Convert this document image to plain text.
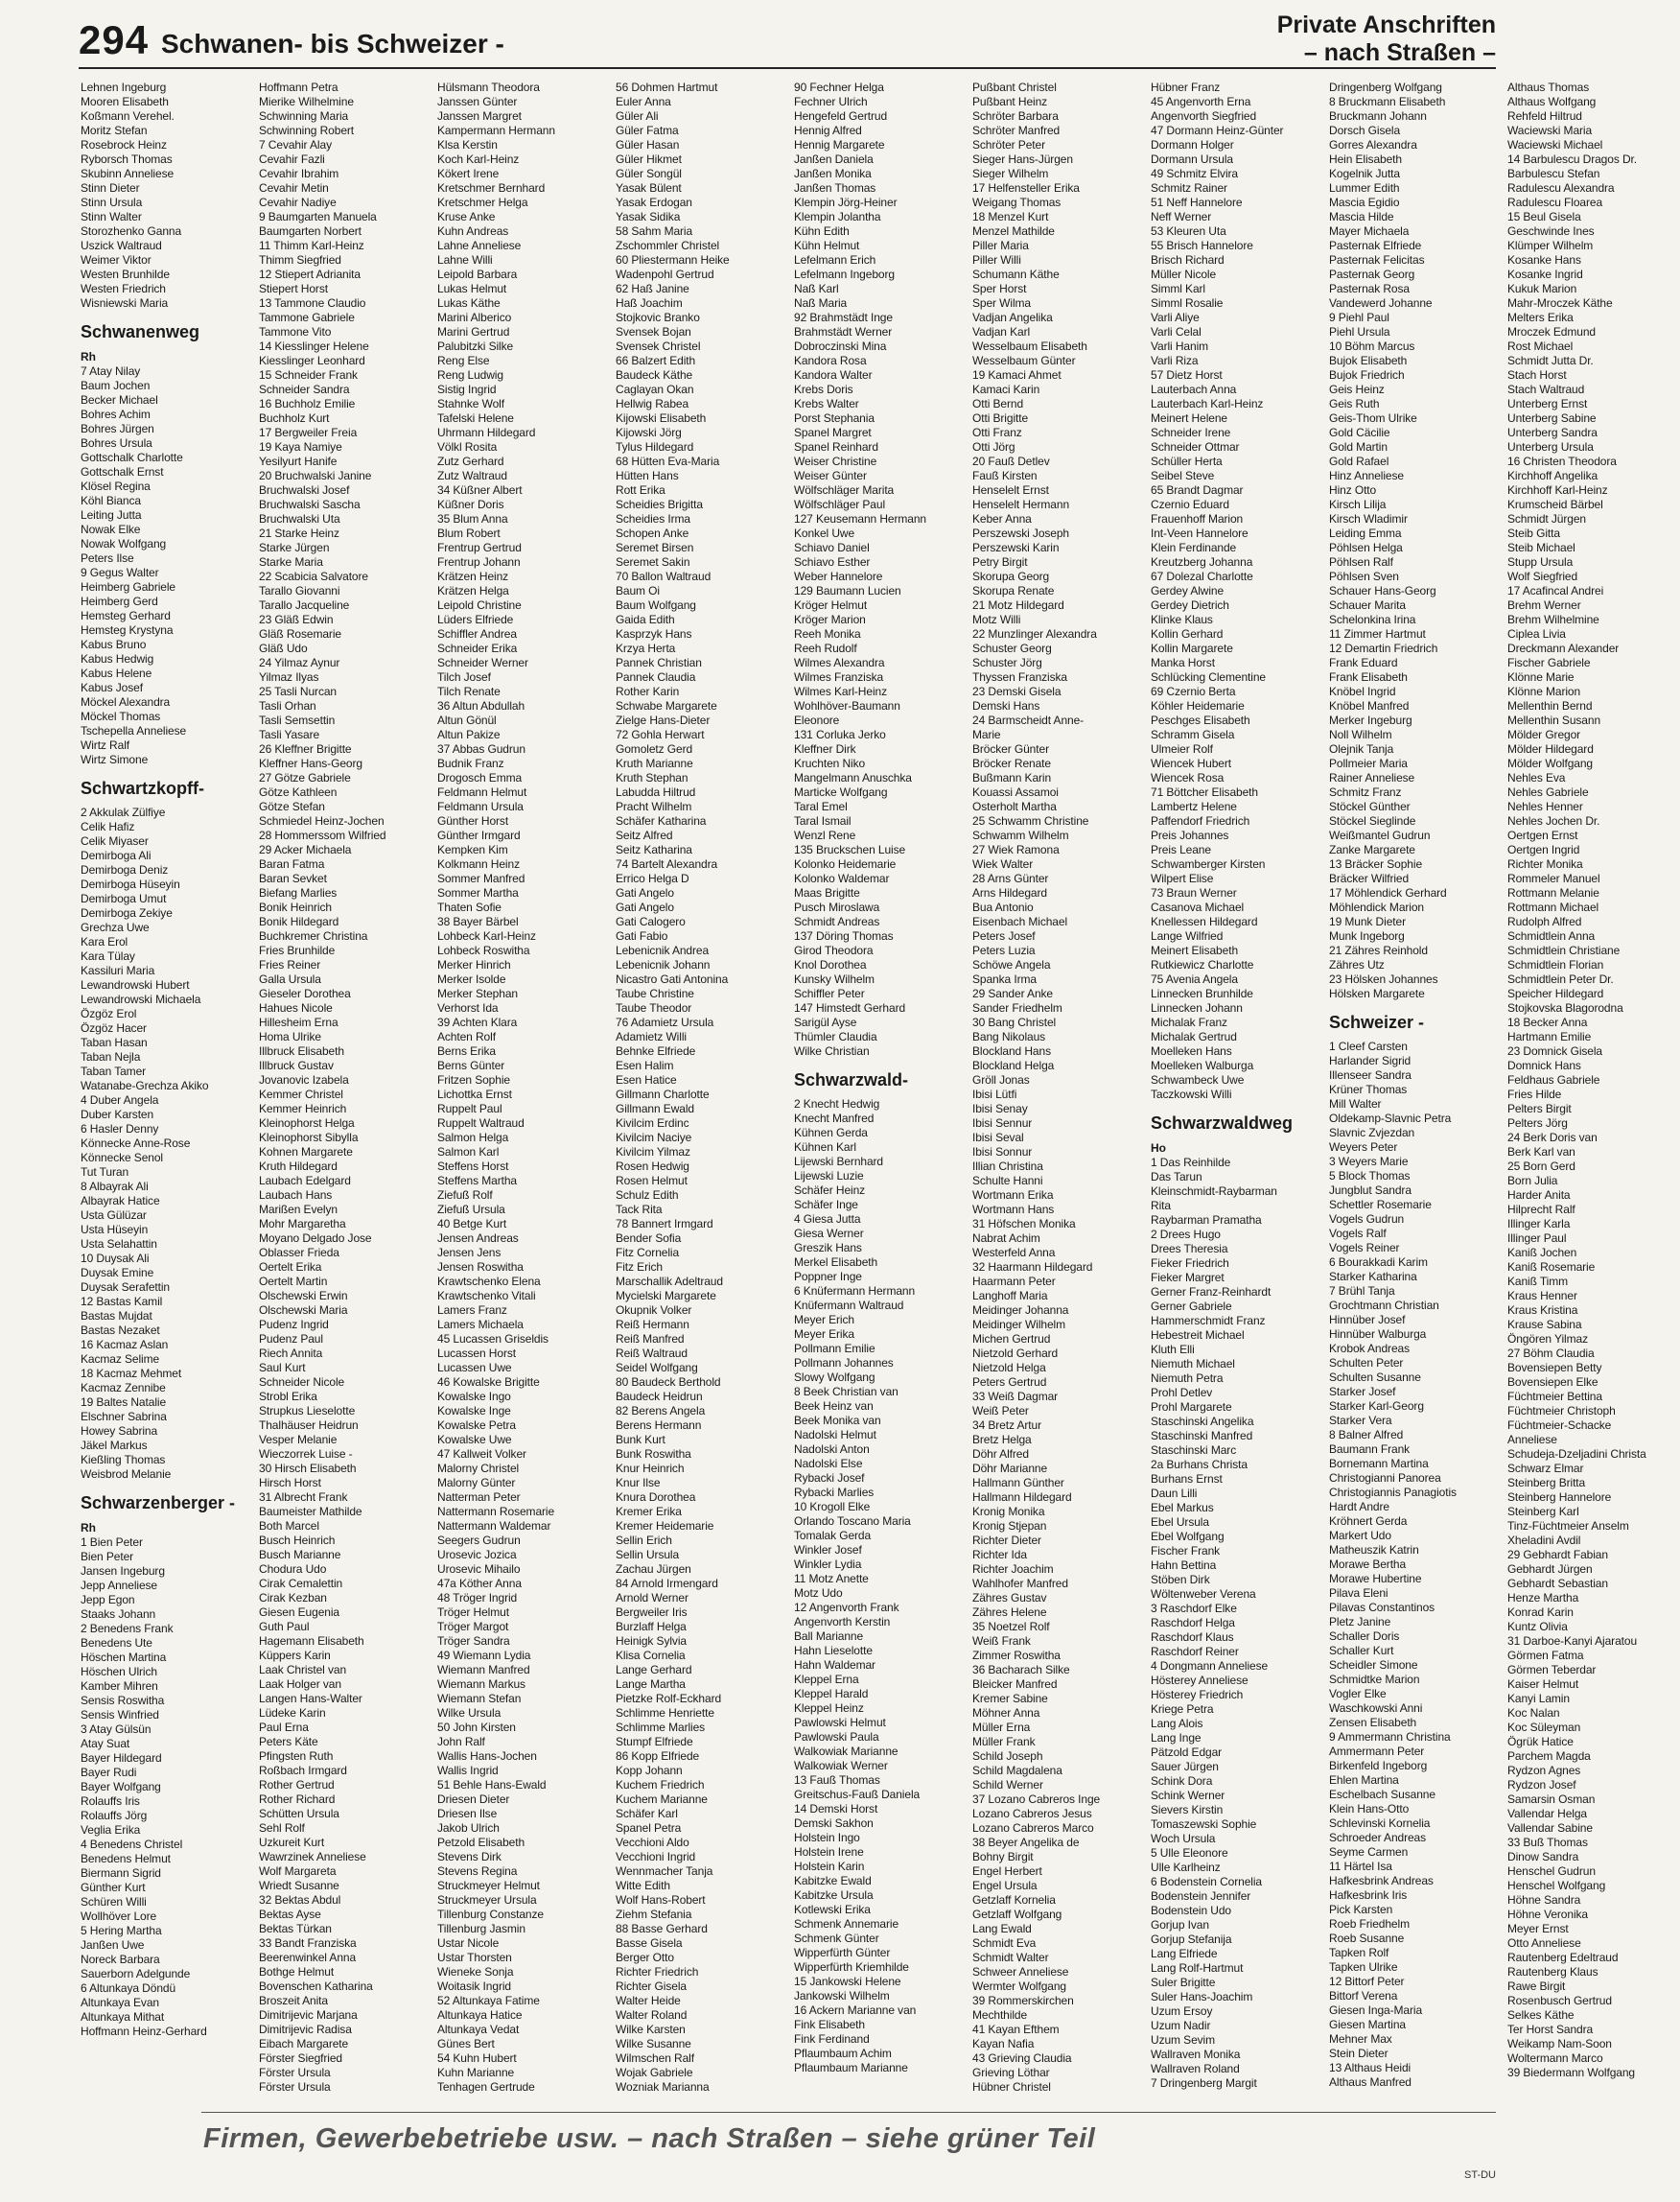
294 Schwanen- bis Schweizer -
Private Anschriften
– nach Straßen –
Lehnen Ingeburg
Mooren Elisabeth
Koßmann Verehel.
Moritz Stefan
Rosebrock Heinz
Ryborsch Thomas
Skubinn Anneliese
Stinn Dieter
Stinn Ursula
Stinn Walter
Storozhenko Ganna
Uszick Waltraud
Weimer Viktor
Westen Brunhilde
Westen Friedrich
Wisniewski Maria
Schwanenweg
Rh
7 Atay Nilay
Baum Jochen
Becker Michael
Bohres Achim
Bohres Jürgen
Bohres Ursula
Gottschalk Charlotte
Gottschalk Ernst
Klösel Regina
Köhl Bianca
Leiting Jutta
Nowak Elke
Nowak Wolfgang
Peters Ilse
9 Gegus Walter
Heimberg Gabriele
Heimberg Gerd
Hemsteg Gerhard
Hemsteg Krystyna
Kabus Bruno
Kabus Hedwig
Kabus Helene
Kabus Josef
Möckel Alexandra
Möckel Thomas
Tschepella Anneliese
Wirtz Ralf
Wirtz Simone
Schwartzkopff-
2 Akkulak Zülfiye
Celik Hafiz
Celik Miyaser
Demirboga Ali
Demirboga Deniz
Demirboga Hüseyin
Demirboga Umut
Demirboga Zekiye
Grechza Uwe
Kara Erol
Kara Tülay
Kassiluri Maria
Lewandrowski Hubert
Lewandrowski Michaela
Özgöz Erol
Özgöz Hacer
Taban Hasan
Taban Nejla
Taban Tamer
Watanabe-Grechza Akiko
4 Duber Angela
Duber Karsten
6 Hasler Denny
Könnecke Anne-Rose
Könnecke Senol
Tut Turan
8 Albayrak Ali
Albayrak Hatice
Usta Gülüzar
Usta Hüseyin
Usta Selahattin
10 Duysak Ali
Duysak Emine
Duysak Serafettin
12 Bastas Kamil
Bastas Mujdat
Bastas Nezaket
16 Kacmaz Aslan
Kacmaz Selime
18 Kacmaz Mehmet
Kacmaz Zennibe
19 Baltes Natalie
Elschner Sabrina
Howey Sabrina
Jäkel Markus
Kießling Thomas
Weisbrod Melanie
Schwarzenberger -
Rh
1 Bien Peter
Bien Peter
Jansen Ingeburg
Jepp Anneliese
Jepp Egon
Staaks Johann
2 Benedens Frank
Benedens Ute
Höschen Martina
Höschen Ulrich
Kamber Mihren
Sensis Roswitha
Sensis Winfried
3 Atay Gülsün
Atay Suat
Bayer Hildegard
Bayer Rudi
Bayer Wolfgang
Rolauffs Iris
Rolauffs Jörg
Veglia Erika
4 Benedens Christel
Benedens Helmut
Biermann Sigrid
Günther Kurt
Schüren Willi
Wollhöver Lore
5 Hering Martha
Janßen Uwe
Noreck Barbara
Sauerborn Adelgunde
6 Altunkaya Döndü
Altunkaya Evan
Altunkaya Mithat
Hoffmann Heinz-Gerhard
Hoffmann Petra
Mierike Wilhelmine
Schwinning Maria
Schwinning Robert
7 Cevahir Alay
Cevahir Fazli
Cevahir Ibrahim
Cevahir Metin
Cevahir Nadiye
9 Baumgarten Manuela
Baumgarten Norbert
11 Thimm Karl-Heinz
Thimm Siegfried
12 Stiepert Adrianita
Stiepert Horst
13 Tammone Claudio
Tammone Gabriele
Tammone Vito
14 Kiesslinger Helene
Kiesslinger Leonhard
15 Schneider Frank
Schneider Sandra
16 Buchholz Emilie
Buchholz Kurt
17 Bergweiler Freia
19 Kaya Namiye
Yesilyurt Hanife
20 Bruchwalski Janine
Bruchwalski Josef
Bruchwalski Sascha
Bruchwalski Uta
21 Starke Heinz
Starke Jürgen
Starke Maria
22 Scabicia Salvatore
Tarallo Giovanni
Tarallo Jacqueline
23 Gläß Edwin
Gläß Rosemarie
Gläß Udo
24 Yilmaz Aynur
Yilmaz Ilyas
25 Tasli Nurcan
Tasli Orhan
Tasli Semsettin
Tasli Yasare
26 Kleffner Brigitte
Kleffner Hans-Georg
27 Götze Gabriele
Götze Kathleen
Götze Stefan
Schmiedel Heinz-Jochen
28 Hommerssom Wilfried
29 Acker Michaela
Baran Fatma
Baran Sevket
Biefang Marlies
Bonik Heinrich
Bonik Hildegard
Buchkremer Christina
Fries Brunhilde
Fries Reiner
Galla Ursula
Gieseler Dorothea
Hahues Nicole
Hillesheim Erna
Homa Ulrike
Illbruck Elisabeth
Illbruck Gustav
Jovanovic Izabela
Kemmer Christel
Kemmer Heinrich
Kleinophorst Helga
Kleinophorst Sibylla
Kohnen Margarete
Kruth Hildegard
Laubach Edelgard
Laubach Hans
Marißen Evelyn
Mohr Margaretha
Moyano Delgado Jose
Oblasser Frieda
Oertelt Erika
Oertelt Martin
Olschewski Erwin
Olschewski Maria
Pudenz Ingrid
Pudenz Paul
Riech Annita
Saul Kurt
Schneider Nicole
Strobl Erika
Strupkus Lieselotte
Thalhäuser Heidrun
Vesper Melanie
Wieczorrek Luise -
30 Hirsch Elisabeth
Hirsch Horst
31 Albrecht Frank
Baumeister Mathilde
Both Marcel
Busch Heinrich
Busch Marianne
Chodura Udo
Cirak Cemalettin
Cirak Kezban
Giesen Eugenia
Guth Paul
Hagemann Elisabeth
Küppers Karin
Laak Christel van
Laak Holger van
Langen Hans-Walter
Lüdeke Karin
Paul Erna
Peters Käte
Pfingsten Ruth
Roßbach Irmgard
Rother Gertrud
Rother Richard
Schütten Ursula
Sehl Rolf
Uzkureit Kurt
Wawrzinek Anneliese
Wolf Margareta
Wriedt Susanne
32 Bektas Abdul
Bektas Ayse
Bektas Türkan
33 Bandt Franziska
Beerenwinkel Anna
Bothge Helmut
Bovenschen Katharina
Broszeit Anita
Dimitrijevic Marjana
Dimitrijevic Radisa
Eibach Margarete
Förster Siegfried
Förster Ursula
Förster Ursula
Hülsmann Theodora
Janssen Günter
Janssen Margret
Kampermann Hermann
Klsa Kerstin
Koch Karl-Heinz
Kökert Irene
Kretschmer Bernhard
Kretschmer Helga
Kruse Anke
Kuhn Andreas
Lahne Anneliese
Lahne Willi
Leipold Barbara
Lukas Helmut
Lukas Käthe
Marini Alberico
Marini Gertrud
Palubitzki Silke
Reng Else
Reng Ludwig
Sistig Ingrid
Stahnke Wolf
Tafelski Helene
Uhrmann Hildegard
Völkl Rosita
Zutz Gerhard
Zutz Waltraud
34 Küßner Albert
Küßner Doris
35 Blum Anna
Blum Robert
Frentrup Gertrud
Frentrup Johann
Krätzen Heinz
Krätzen Helga
Leipold Christine
Lüders Elfriede
Schiffler Andrea
Schneider Erika
Schneider Werner
Tilch Josef
Tilch Renate
36 Altun Abdullah
Altun Gönül
Altun Pakize
37 Abbas Gudrun
Budnik Franz
Drogosch Emma
Feldmann Helmut
Feldmann Ursula
Günther Horst
Günther Irmgard
Kempken Kim
Kolkmann Heinz
Sommer Manfred
Sommer Martha
Thaten Sofie
38 Bayer Bärbel
Lohbeck Karl-Heinz
Lohbeck Roswitha
Merker Hinrich
Merker Isolde
Merker Stephan
Verhorst Ida
39 Achten Klara
Achten Rolf
Berns Erika
Berns Günter
Fritzen Sophie
Lichottka Ernst
Ruppelt Paul
Ruppelt Waltraud
Salmon Helga
Salmon Karl
Steffens Horst
Steffens Martha
Ziefuß Rolf
Ziefuß Ursula
40 Betge Kurt
Jensen Andreas
Jensen Jens
Jensen Roswitha
Krawtschenko Elena
Krawtschenko Vitali
Lamers Franz
Lamers Michaela
45 Lucassen Griseldis
Lucassen Horst
Lucassen Uwe
46 Kowalske Brigitte
Kowalske Ingo
Kowalske Inge
Kowalske Petra
Kowalske Uwe
47 Kallweit Volker
Malorny Christel
Malorny Günter
Natterman Peter
Nattermann Rosemarie
Nattermann Waldemar
Seegers Gudrun
Urosevic Jozica
Urosevic Mihailo
47a Köther Anna
48 Tröger Ingrid
Tröger Helmut
Tröger Margot
Tröger Sandra
49 Wiemann Lydia
Wiemann Manfred
Wiemann Markus
Wiemann Stefan
Wilke Ursula
50 John Kirsten
John Ralf
Wallis Hans-Jochen
Wallis Ingrid
51 Behle Hans-Ewald
Driesen Dieter
Driesen Ilse
Jakob Ulrich
Petzold Elisabeth
Stevens Dirk
Stevens Regina
Struckmeyer Helmut
Struckmeyer Ursula
Tillenburg Constanze
Tillenburg Jasmin
Ustar Nicole
Ustar Thorsten
Wieneke Sonja
Woitasik Ingrid
52 Altunkaya Fatime
Altunkaya Hatice
Altunkaya Vedat
Günes Bert
54 Kuhn Hubert
Kuhn Marianne
Tenhagen Gertrude
56 Dohmen Hartmut
Euler Anna
Güler Ali
Güler Fatma
Güler Hasan
Güler Hikmet
Güler Songül
Yasak Bülent
Yasak Erdogan
Yasak Sidika
58 Sahm Maria
Zschommler Christel
60 Pliestermann Heike
Wadenpohl Gertrud
62 Haß Janine
Haß Joachim
Stojkovic Branko
Svensek Bojan
Svensek Christel
66 Balzert Edith
Baudeck Käthe
Caglayan Okan
Hellwig Rabea
Kijowski Elisabeth
Kijowski Jörg
Tylus Hildegard
68 Hütten Eva-Maria
Hütten Hans
Rott Erika
Scheidies Brigitta
Scheidies Irma
Schopen Anke
Seremet Birsen
Seremet Sakin
70 Ballon Waltraud
Baum Oi
Baum Wolfgang
Gaida Edith
Kasprzyk Hans
Krzya Herta
Pannek Christian
Pannek Claudia
Rother Karin
Schwabe Margarete
Zielge Hans-Dieter
72 Gohla Herwart
Gomoletz Gerd
Kruth Marianne
Kruth Stephan
Labudda Hiltrud
Pracht Wilhelm
Schäfer Katharina
Seitz Alfred
Seitz Katharina
74 Bartelt Alexandra
Errico Helga D
Gati Angelo
Gati Angelo
Gati Calogero
Gati Fabio
Lebenicnik Andrea
Lebenicnik Johann
Nicastro Gati Antonina
Taube Christine
Taube Theodor
76 Adamietz Ursula
Adamietz Willi
Behnke Elfriede
Esen Halim
Esen Hatice
Gillmann Charlotte
Gillmann Ewald
Kivilcim Erdinc
Kivilcim Naciye
Kivilcim Yilmaz
Rosen Hedwig
Rosen Helmut
Schulz Edith
Tack Rita
78 Bannert Irmgard
Bender Sofia
Fitz Cornelia
Fitz Erich
Marschallik Adeltraud
Mycielski Margarete
Okupnik Volker
Reiß Hermann
Reiß Manfred
Reiß Waltraud
Seidel Wolfgang
80 Baudeck Berthold
Baudeck Heidrun
82 Berens Angela
Berens Hermann
Bunk Kurt
Bunk Roswitha
Knur Heinrich
Knur Ilse
Knura Dorothea
Kremer Erika
Kremer Heidemarie
Sellin Erich
Sellin Ursula
Zachau Jürgen
84 Arnold Irmengard
Arnold Werner
Bergweiler Iris
Burzlaff Helga
Heinigk Sylvia
Klisa Cornelia
Lange Gerhard
Lange Martha
Pietzke Rolf-Eckhard
Schlimme Henriette
Schlimme Marlies
Stumpf Elfriede
86 Kopp Elfriede
Kopp Johann
Kuchem Friedrich
Kuchem Marianne
Schäfer Karl
Spanel Petra
Vecchioni Aldo
Vecchioni Ingrid
Wennmacher Tanja
Witte Edith
Wolf Hans-Robert
Ziehm Stefania
88 Basse Gerhard
Basse Gisela
Berger Otto
Richter Friedrich
Richter Gisela
Walter Heide
Walter Roland
Wilke Karsten
Wilke Susanne
Wilmschen Ralf
Wojak Gabriele
Wozniak Marianna
90 Fechner Helga
Fechner Ulrich
Hengefeld Gertrud
Hennig Alfred
Hennig Margarete
Janßen Daniela
Janßen Monika
Janßen Thomas
Klempin Jörg-Heiner
Klempin Jolantha
Kühn Edith
Kühn Helmut
Lefelmann Erich
Lefelmann Ingeborg
Naß Karl
Naß Maria
92 Brahmstädt Inge
Brahmstädt Werner
Dobroczinski Mina
Kandora Rosa
Kandora Walter
Krebs Doris
Krebs Walter
Porst Stephania
Spanel Margret
Spanel Reinhard
Weiser Christine
Weiser Günter
Wölfschläger Marita
Wölfschläger Paul
127 Keusemann Hermann
Konkel Uwe
Schiavo Daniel
Schiavo Esther
Weber Hannelore
129 Baumann Lucien
Kröger Helmut
Kröger Marion
Reeh Monika
Reeh Rudolf
Wilmes Alexandra
Wilmes Franziska
Wilmes Karl-Heinz
Wohlhöver-Baumann
Eleonore
131 Corluka Jerko
Kleffner Dirk
Kruchten Niko
Mangelmann Anuschka
Marticke Wolfgang
Taral Emel
Taral Ismail
Wenzl Rene
135 Bruckschen Luise
Kolonko Heidemarie
Kolonko Waldemar
Maas Brigitte
Pusch Miroslawa
Schmidt Andreas
137 Döring Thomas
Girod Theodora
Knol Dorothea
Kunsky Wilhelm
Schiffler Peter
147 Himstedt Gerhard
Sarigül Ayse
Thümler Claudia
Wilke Christian
Schwarzwald-
2 Knecht Hedwig
Knecht Manfred
Kühnen Gerda
Kühnen Karl
Lijewski Bernhard
Lijewski Luzie
Schäfer Heinz
Schäfer Inge
4 Giesa Jutta
Giesa Werner
Greszik Hans
Merkel Elisabeth
Poppner Inge
6 Knüfermann Hermann
Knüfermann Waltraud
Meyer Erich
Meyer Erika
Pollmann Emilie
Pollmann Johannes
Slowy Wolfgang
8 Beek Christian van
Beek Heinz van
Beek Monika van
Nadolski Helmut
Nadolski Anton
Nadolski Else
Rybacki Josef
Rybacki Marlies
10 Krogoll Elke
Orlando Toscano Maria
Tomalak Gerda
Winkler Josef
Winkler Lydia
11 Motz Anette
Motz Udo
12 Angenvorth Frank
Angenvorth Kerstin
Ball Marianne
Hahn Lieselotte
Hahn Waldemar
Kleppel Erna
Kleppel Harald
Kleppel Heinz
Pawlowski Helmut
Pawlowski Paula
Walkowiak Marianne
Walkowiak Werner
13 Fauß Thomas
Greitschus-Fauß Daniela
14 Demski Horst
Demski Sakhon
Holstein Ingo
Holstein Irene
Holstein Karin
Kabitzke Ewald
Kabitzke Ursula
Kotlewski Erika
Schmenk Annemarie
Schmenk Günter
Wipperfürth Günter
Wipperfürth Kriemhilde
15 Jankowski Helene
Jankowski Wilhelm
16 Ackern Marianne van
Fink Elisabeth
Fink Ferdinand
Pflaumbaum Achim
Pflaumbaum Marianne
Pußbant Christel
Pußbant Heinz
Schröter Barbara
Schröter Manfred
Schröter Peter
Sieger Hans-Jürgen
Sieger Wilhelm
17 Helfensteller Erika
Weigang Thomas
18 Menzel Kurt
Menzel Mathilde
Piller Maria
Piller Willi
Schumann Käthe
Sper Horst
Sper Wilma
Vadjan Angelika
Vadjan Karl
Wesselbaum Elisabeth
Wesselbaum Günter
19 Kamaci Ahmet
Kamaci Karin
Otti Bernd
Otti Brigitte
Otti Franz
Otti Jörg
20 Fauß Detlev
Fauß Kirsten
Henselelt Ernst
Henselelt Hermann
Keber Anna
Perszewski Joseph
Perszewski Karin
Petry Birgit
Skorupa Georg
Skorupa Renate
21 Motz Hildegard
Motz Willi
22 Munzlinger Alexandra
Schuster Georg
Schuster Jörg
Thyssen Franziska
23 Demski Gisela
Demski Hans
24 Barmscheidt Anne-
Marie
Bröcker Günter
Bröcker Renate
Bußmann Karin
Kouassi Assamoi
Osterholt Martha
25 Schwamm Christine
Schwamm Wilhelm
27 Wiek Ramona
Wiek Walter
28 Arns Günter
Arns Hildegard
Bua Antonio
Eisenbach Michael
Peters Josef
Peters Luzia
Schöwe Angela
Spanka Irma
29 Sander Anke
Sander Friedhelm
30 Bang Christel
Bang Nikolaus
Blockland Hans
Blockland Helga
Gröll Jonas
Ibisi Lütfi
Ibisi Senay
Ibisi Sennur
Ibisi Seval
Ibisi Sonnur
Illian Christina
Schulte Hanni
Wortmann Erika
Wortmann Hans
31 Höfschen Monika
Nabrat Achim
Westerfeld Anna
32 Haarmann Hildegard
Haarmann Peter
Langhoff Maria
Meidinger Johanna
Meidinger Wilhelm
Michen Gertrud
Nietzold Gerhard
Nietzold Helga
Peters Gertrud
33 Weiß Dagmar
Weiß Peter
34 Bretz Artur
Bretz Helga
Döhr Alfred
Döhr Marianne
Hallmann Günther
Hallmann Hildegard
Kronig Monika
Kronig Stjepan
Richter Dieter
Richter Ida
Richter Joachim
Wahlhofer Manfred
Zähres Gustav
Zähres Helene
35 Noetzel Rolf
Weiß Frank
Zimmer Roswitha
36 Bacharach Silke
Bleicker Manfred
Kremer Sabine
Möhner Anna
Müller Erna
Müller Frank
Schild Joseph
Schild Magdalena
Schild Werner
37 Lozano Cabreros Inge
Lozano Cabreros Jesus
Lozano Cabreros Marco
38 Beyer Angelika de
Bohny Birgit
Engel Herbert
Engel Ursula
Getzlaff Kornelia
Getzlaff Wolfgang
Lang Ewald
Schmidt Eva
Schmidt Walter
Schweer Anneliese
Wermter Wolfgang
39 Rommerskirchen
Mechthilde
41 Kayan Efthem
Kayan Nafia
43 Grieving Claudia
Grieving Löthar
Hübner Christel
Hübner Franz
45 Angenvorth Erna
Angenvorth Siegfried
47 Dormann Heinz-Günter
Dormann Holger
Dormann Ursula
49 Schmitz Elvira
Schmitz Rainer
51 Neff Hannelore
Neff Werner
53 Kleuren Uta
55 Brisch Hannelore
Brisch Richard
Müller Nicole
Simml Karl
Simml Rosalie
Varli Aliye
Varli Celal
Varli Hanim
Varli Riza
57 Dietz Horst
Lauterbach Anna
Lauterbach Karl-Heinz
Meinert Helene
Schneider Irene
Schneider Ottmar
Schüller Herta
Seibel Steve
65 Brandt Dagmar
Czernio Eduard
Frauenhoff Marion
Int-Veen Hannelore
Klein Ferdinande
Kreutzberg Johanna
67 Dolezal Charlotte
Gerdey Alwine
Gerdey Dietrich
Klinke Klaus
Kollin Gerhard
Kollin Margarete
Manka Horst
Schlücking Clementine
69 Czernio Berta
Köhler Heidemarie
Peschges Elisabeth
Schramm Gisela
Ulmeier Rolf
Wiencek Hubert
Wiencek Rosa
71 Böttcher Elisabeth
Lambertz Helene
Paffendorf Friedrich
Preis Johannes
Preis Leane
Schwamberger Kirsten
Wilpert Elise
73 Braun Werner
Casanova Michael
Knellessen Hildegard
Lange Wilfried
Meinert Elisabeth
Rutkiewicz Charlotte
75 Avenia Angela
Linnecken Brunhilde
Linnecken Johann
Michalak Franz
Michalak Gertrud
Moelleken Hans
Moelleken Walburga
Schwambeck Uwe
Taczkowski Willi
Schwarzwaldweg
Ho
1 Das Reinhilde
Das Tarun
Kleinschmidt-Raybarman
Rita
Raybarman Pramatha
2 Drees Hugo
Drees Theresia
Fieker Friedrich
Fieker Margret
Gerner Franz-Reinhardt
Gerner Gabriele
Hammerschmidt Franz
Hebestreit Michael
Kluth Elli
Niemuth Michael
Niemuth Petra
Prohl Detlev
Prohl Margarete
Staschinski Angelika
Staschinski Manfred
Staschinski Marc
2a Burhans Christa
Burhans Ernst
Daun Lilli
Ebel Markus
Ebel Ursula
Ebel Wolfgang
Fischer Frank
Hahn Bettina
Stöben Dirk
Wöltenweber Verena
3 Raschdorf Elke
Raschdorf Helga
Raschdorf Klaus
Raschdorf Reiner
4 Dongmann Anneliese
Hösterey Anneliese
Hösterey Friedrich
Kriege Petra
Lang Alois
Lang Inge
Pätzold Edgar
Sauer Jürgen
Schink Dora
Schink Werner
Sievers Kirstin
Tomaszewski Sophie
Woch Ursula
5 Ulle Eleonore
Ulle Karlheinz
6 Bodenstein Cornelia
Bodenstein Jennifer
Bodenstein Udo
Gorjup Ivan
Gorjup Stefanija
Lang Elfriede
Lang Rolf-Hartmut
Suler Brigitte
Suler Hans-Joachim
Uzum Ersoy
Uzum Nadir
Uzum Sevim
Wallraven Monika
Wallraven Roland
7 Dringenberg Margit
Dringenberg Wolfgang
8 Bruckmann Elisabeth
Bruckmann Johann
Dorsch Gisela
Gorres Alexandra
Hein Elisabeth
Kogelnik Jutta
Lummer Edith
Mascia Egidio
Mascia Hilde
Mayer Michaela
Pasternak Elfriede
Pasternak Felicitas
Pasternak Georg
Pasternak Rosa
Vandewerd Johanne
9 Piehl Paul
Piehl Ursula
10 Böhm Marcus
Bujok Elisabeth
Bujok Friedrich
Geis Heinz
Geis Ruth
Geis-Thom Ulrike
Gold Cäcilie
Gold Martin
Gold Rafael
Hinz Anneliese
Hinz Otto
Kirsch Lilija
Kirsch Wladimir
Leiding Emma
Pöhlsen Helga
Pöhlsen Ralf
Pöhlsen Sven
Schauer Hans-Georg
Schauer Marita
Schelonkina Irina
11 Zimmer Hartmut
12 Demartin Friedrich
Frank Eduard
Frank Elisabeth
Knöbel Ingrid
Knöbel Manfred
Merker Ingeburg
Noll Wilhelm
Olejnik Tanja
Pollmeier Maria
Rainer Anneliese
Schmitz Franz
Stöckel Günther
Stöckel Sieglinde
Weißmantel Gudrun
Zanke Margarete
13 Bräcker Sophie
Bräcker Wilfried
17 Möhlendick Gerhard
Möhlendick Marion
19 Munk Dieter
Munk Ingeborg
21 Zähres Reinhold
Zähres Utz
23 Hölsken Johannes
Hölsken Margarete
Schweizer -
1 Cleef Carsten
Harlander Sigrid
Illenseer Sandra
Krüner Thomas
Mill Walter
Oldekamp-Slavnic Petra
Slavnic Zvjezdan
Weyers Peter
3 Weyers Marie
5 Block Thomas
Jungblut Sandra
Schettler Rosemarie
Vogels Gudrun
Vogels Ralf
Vogels Reiner
6 Bourakkadi Karim
Starker Katharina
7 Brühl Tanja
Grochtmann Christian
Hinnüber Josef
Hinnüber Walburga
Krobok Andreas
Schulten Peter
Schulten Susanne
Starker Josef
Starker Karl-Georg
Starker Vera
8 Balner Alfred
Baumann Frank
Bornemann Martina
Christogianni Panorea
Christogiannis Panagiotis
Hardt Andre
Kröhnert Gerda
Markert Udo
Matheuszik Katrin
Morawe Bertha
Morawe Hubertine
Pilava Eleni
Pilavas Constantinos
Pletz Janine
Schaller Doris
Schaller Kurt
Scheidler Simone
Schmidtke Marion
Vogler Elke
Waschkowski Anni
Zensen Elisabeth
9 Ammermann Christina
Ammermann Peter
Birkenfeld Ingeborg
Ehlen Martina
Eschelbach Susanne
Klein Hans-Otto
Schlevinski Kornelia
Schroeder Andreas
Seyme Carmen
11 Härtel Isa
Hafkesbrink Andreas
Hafkesbrink Iris
Pick Karsten
Roeb Friedhelm
Roeb Susanne
Tapken Rolf
Tapken Ulrike
12 Bittorf Peter
Bittorf Verena
Giesen Inga-Maria
Giesen Martina
Mehner Max
Stein Dieter
13 Althaus Heidi
Althaus Manfred
Althaus Thomas
Althaus Wolfgang
Rehfeld Hiltrud
Waciewski Maria
Waciewski Michael
14 Barbulescu Dragos Dr.
Barbulescu Stefan
Radulescu Alexandra
Radulescu Floarea
15 Beul Gisela
Geschwinde Ines
Klümper Wilhelm
Kosanke Hans
Kosanke Ingrid
Kukuk Marion
Mahr-Mroczek Käthe
Melters Erika
Mroczek Edmund
Rost Michael
Schmidt Jutta Dr.
Stach Horst
Stach Waltraud
Unterberg Ernst
Unterberg Sabine
Unterberg Sandra
Unterberg Ursula
16 Christen Theodora
Kirchhoff Angelika
Kirchhoff Karl-Heinz
Krumscheid Bärbel
Schmidt Jürgen
Steib Gitta
Steib Michael
Stupp Ursula
Wolf Siegfried
17 Acafincal Andrei
Brehm Werner
Brehm Wilhelmine
Ciplea Livia
Dreckmann Alexander
Fischer Gabriele
Klönne Marie
Klönne Marion
Mellenthin Bernd
Mellenthin Susann
Mölder Gregor
Mölder Hildegard
Mölder Wolfgang
Nehles Eva
Nehles Gabriele
Nehles Henner
Nehles Jochen Dr.
Oertgen Ernst
Oertgen Ingrid
Richter Monika
Rommeler Manuel
Rottmann Melanie
Rottmann Michael
Rudolph Alfred
Schmidtlein Anna
Schmidtlein Christiane
Schmidtlein Florian
Schmidtlein Peter Dr.
Speicher Hildegard
Stojkovska Blagorodna
18 Becker Anna
Hartmann Emilie
23 Domnick Gisela
Domnick Hans
Feldhaus Gabriele
Fries Hilde
Pelters Birgit
Pelters Jörg
24 Berk Doris van
Berk Karl van
25 Born Gerd
Born Julia
Harder Anita
Hilprecht Ralf
Illinger Karla
Illinger Paul
Kaniß Jochen
Kaniß Rosemarie
Kaniß Timm
Kraus Henner
Kraus Kristina
Krause Sabina
Öngören Yilmaz
27 Böhm Claudia
Bovensiepen Betty
Bovensiepen Elke
Füchtmeier Bettina
Füchtmeier Christoph
Füchtmeier-Schacke
Anneliese
Schudeja-Dzeljadini Christa
Schwarz Elmar
Steinberg Britta
Steinberg Hannelore
Steinberg Karl
Tinz-Füchtmeier Anselm
Xheladini Avdil
29 Gebhardt Fabian
Gebhardt Jürgen
Gebhardt Sebastian
Henze Martha
Konrad Karin
Kuntz Olivia
31 Darboe-Kanyi Ajaratou
Görmen Fatma
Görmen Teberdar
Kaiser Helmut
Kanyi Lamin
Koc Nalan
Koc Süleyman
Ögrük Hatice
Parchem Magda
Rydzon Agnes
Rydzon Josef
Samarsin Osman
Vallendar Helga
Vallendar Sabine
33 Buß Thomas
Dinow Sandra
Henschel Gudrun
Henschel Wolfgang
Höhne Sandra
Höhne Veronika
Meyer Ernst
Otto Anneliese
Rautenberg Edeltraud
Rautenberg Klaus
Rawe Birgit
Rosenbusch Gertrud
Selkes Käthe
Ter Horst Sandra
Weikamp Nam-Soon
Woltermann Marco
39 Biedermann Wolfgang
Firmen, Gewerbebetriebe usw. – nach Straßen – siehe grüner Teil
ST-DU
